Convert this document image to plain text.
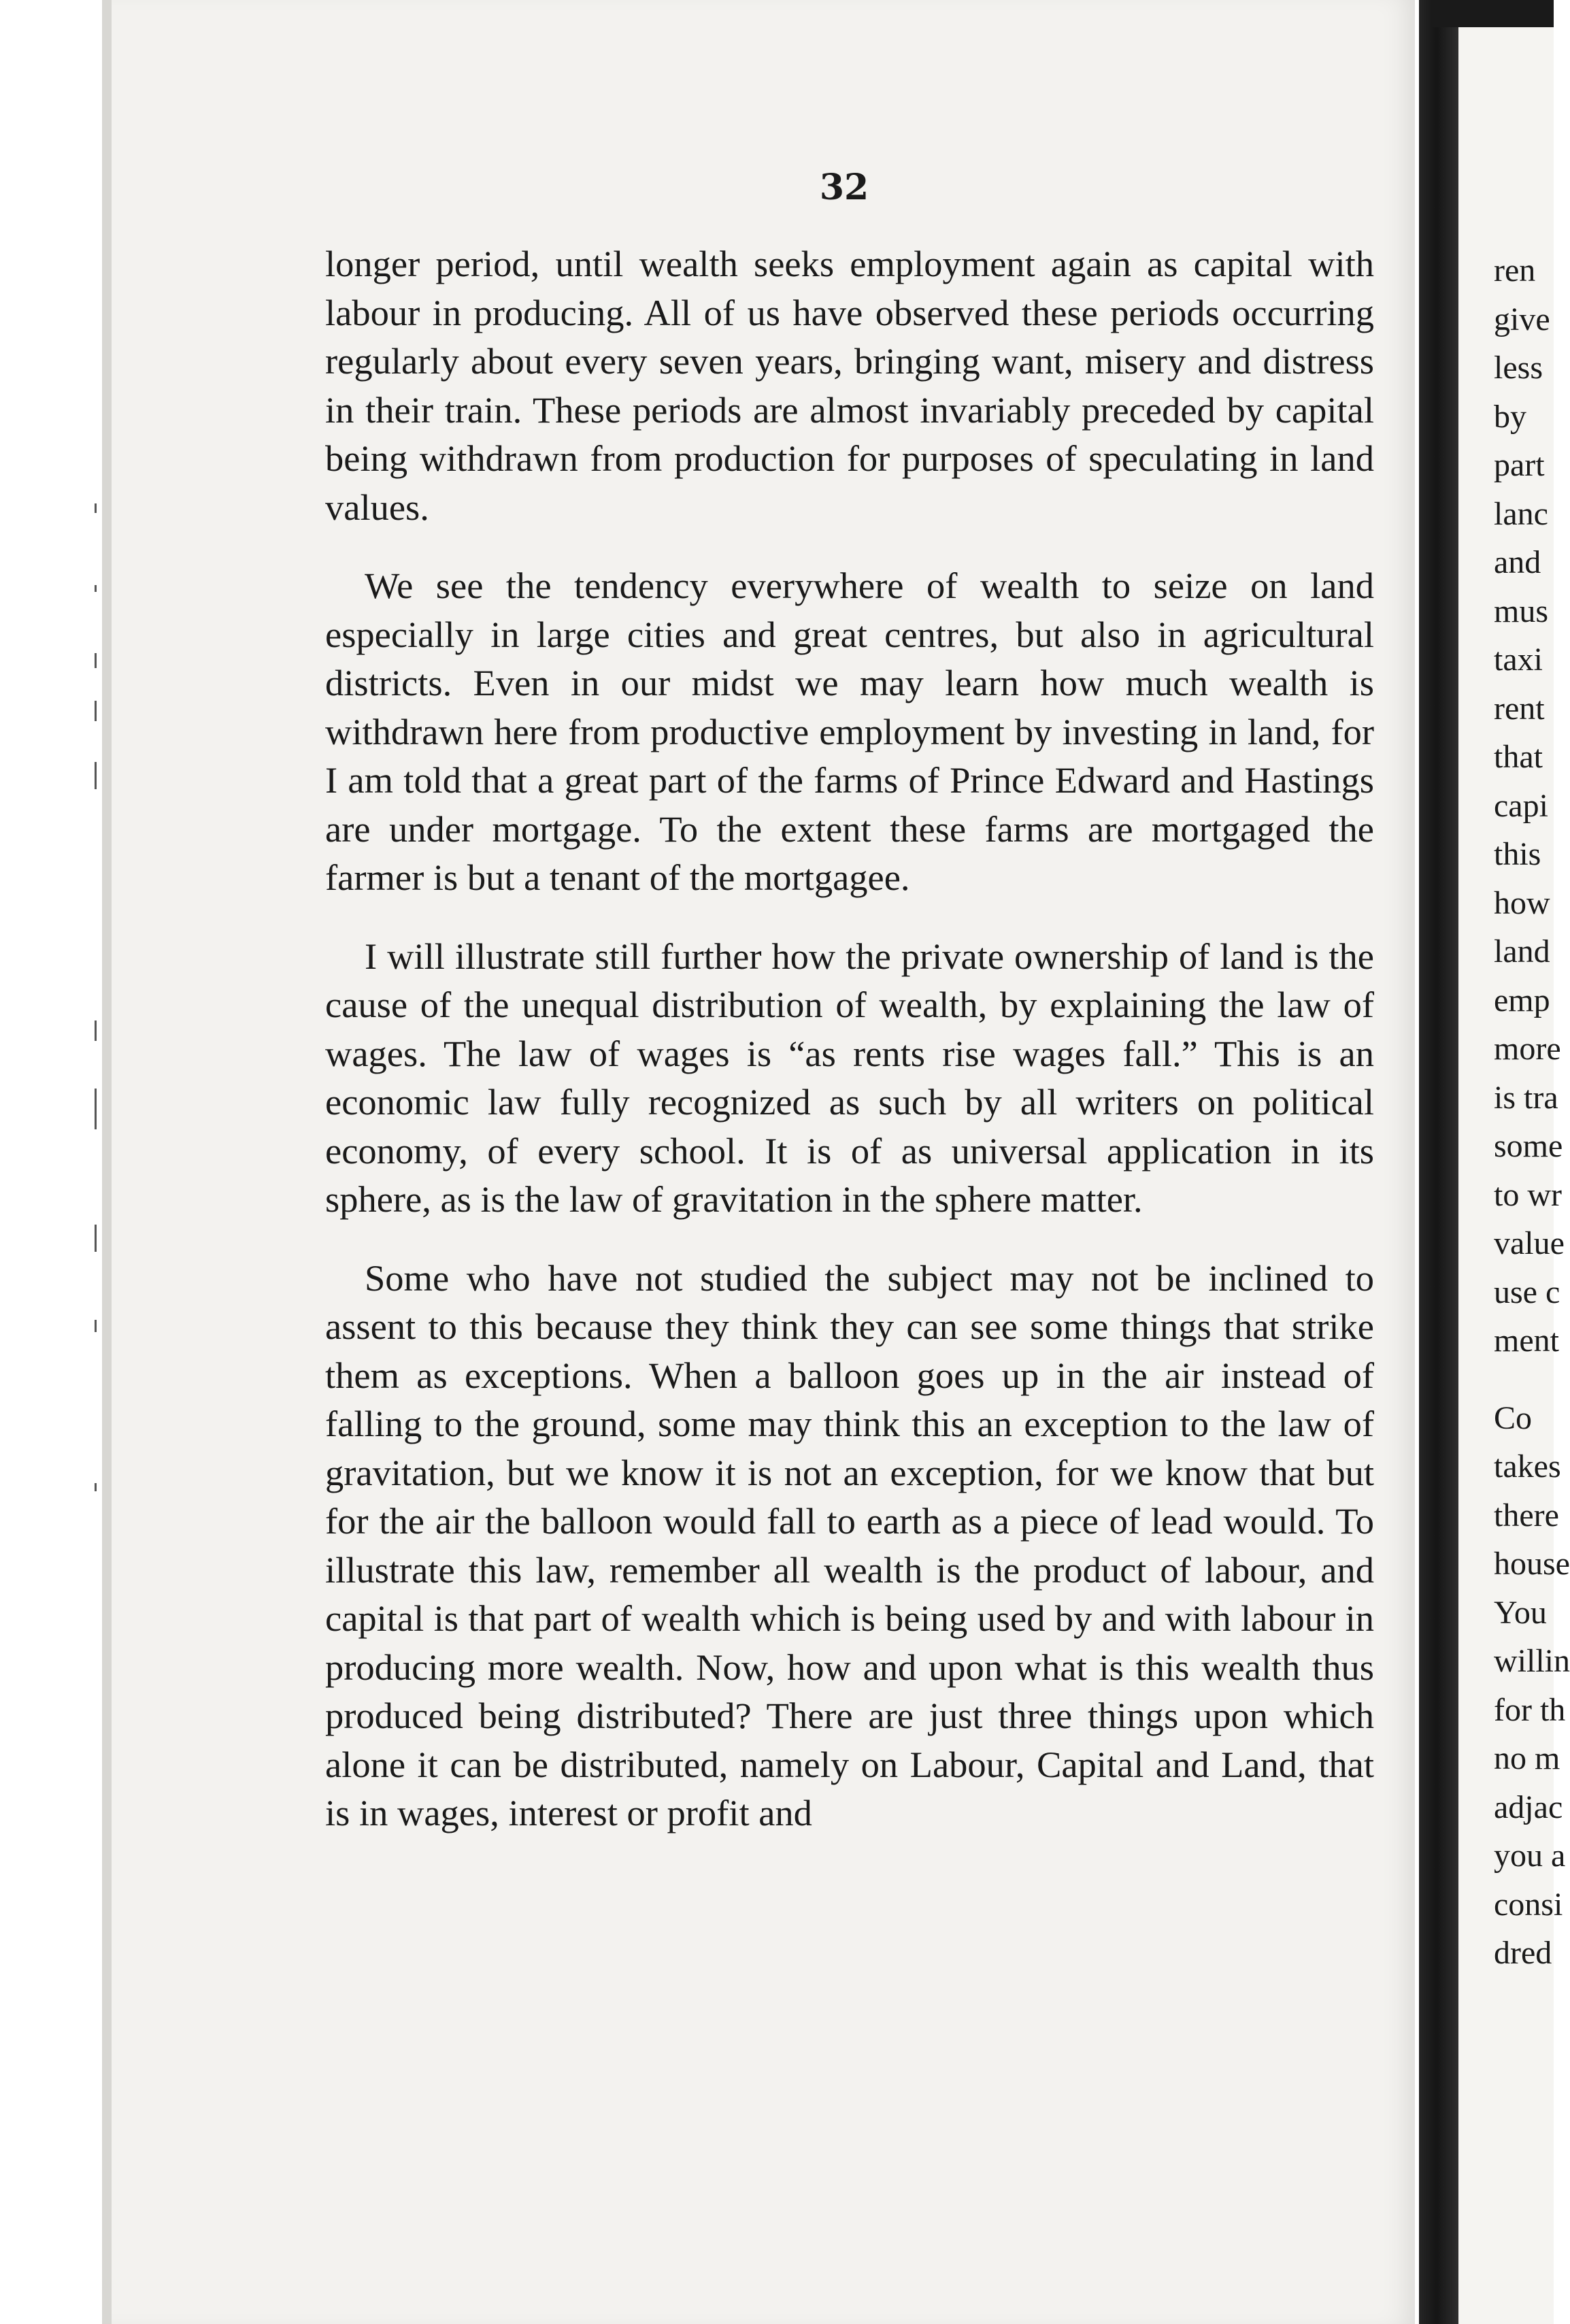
32

longer period, until wealth seeks employment again as capital with labour in producing. All of us have observed these periods occurring regularly about every seven years, bringing want, misery and distress in their train. These periods are almost invariably preceded by capital being withdrawn from production for purposes of speculating in land values.

We see the tendency everywhere of wealth to seize on land especially in large cities and great centres, but also in agricultural districts. Even in our midst we may learn how much wealth is withdrawn here from productive employment by investing in land, for I am told that a great part of the farms of Prince Edward and Hastings are under mortgage. To the extent these farms are mortgaged the farmer is but a tenant of the mortgagee.

I will illustrate still further how the private ownership of land is the cause of the unequal distribution of wealth, by explaining the law of wages. The law of wages is “as rents rise wages fall.” This is an economic law fully recognized as such by all writers on political economy, of every school. It is of as universal application in its sphere, as is the law of gravitation in the sphere matter.

Some who have not studied the subject may not be inclined to assent to this because they think they can see some things that strike them as exceptions. When a balloon goes up in the air instead of falling to the ground, some may think this an exception to the law of gravitation, but we know it is not an exception, for we know that but for the air the balloon would fall to earth as a piece of lead would. To illustrate this law, remember all wealth is the product of labour, and capital is that part of wealth which is being used by and with labour in producing more wealth. Now, how and upon what is this wealth thus produced being distributed? There are just three things upon which alone it can be distributed, namely on Labour, Capital and Land, that is in wages, interest or profit and

ren
give
less
by
part
lanc
and
mus
taxi
rent
that
capi
this
how
land
emp
more
is tra
some
to wr
value
use c
ment
Co
takes
there
house
You
willin
for th
no m
adjac
you a
consi
dred
